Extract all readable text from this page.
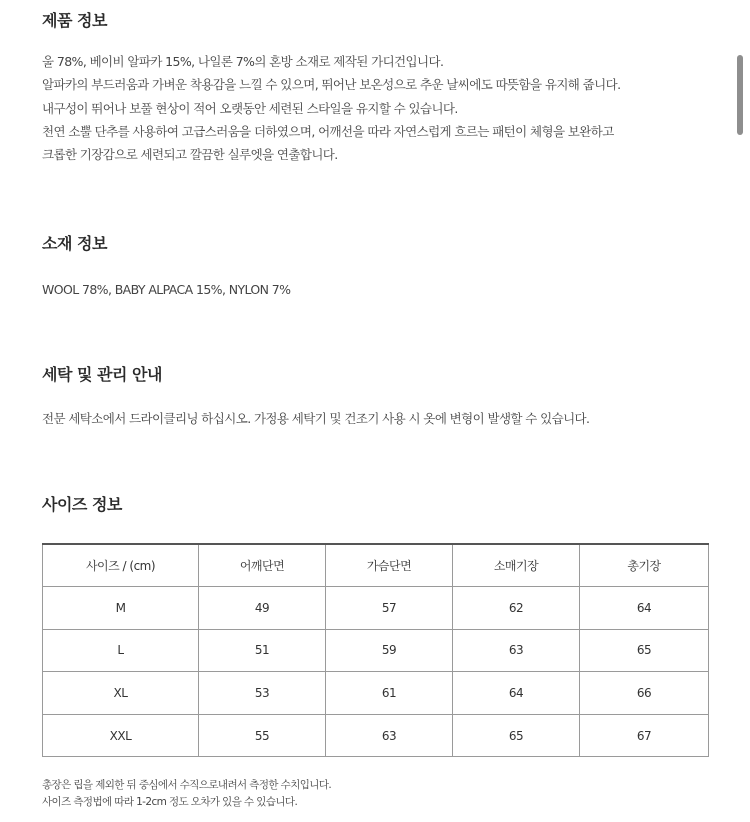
제품 정보
울 78%, 베이비 알파카 15%, 나일론 7%의 혼방 소재로 제작된 가디건입니다.
알파카의 부드러움과 가벼운 착용감을 느낄 수 있으며, 뛰어난 보온성으로 추운 날씨에도 따뜻함을 유지해 줍니다.
내구성이 뛰어나 보풀 현상이 적어 오랫동안 세련된 스타일을 유지할 수 있습니다.
천연 소뿔 단추를 사용하여 고급스러움을 더하였으며, 어깨선을 따라 자연스럽게 흐르는 패턴이 체형을 보완하고
크롭한 기장감으로 세련되고 깔끔한 실루엣을 연출합니다.
소재 정보
WOOL 78%, BABY ALPACA 15%, NYLON 7%
세탁 및 관리 안내
전문 세탁소에서 드라이클리닝 하십시오. 가정용 세탁기 및 건조기 사용 시 옷에 변형이 발생할 수 있습니다.
사이즈 정보
사이즈 / (cm)	어깨단면	가슴단면	소매기장	총기장
M	49	57	62	64
L	51	59	63	65
XL	53	61	64	66
XXL	55	63	65	67
총장은 립을 제외한 뒤 중심에서 수직으로내려서 측정한 수치입니다.
사이즈 측정법에 따라 1-2cm 정도 오차가 있을 수 있습니다.
